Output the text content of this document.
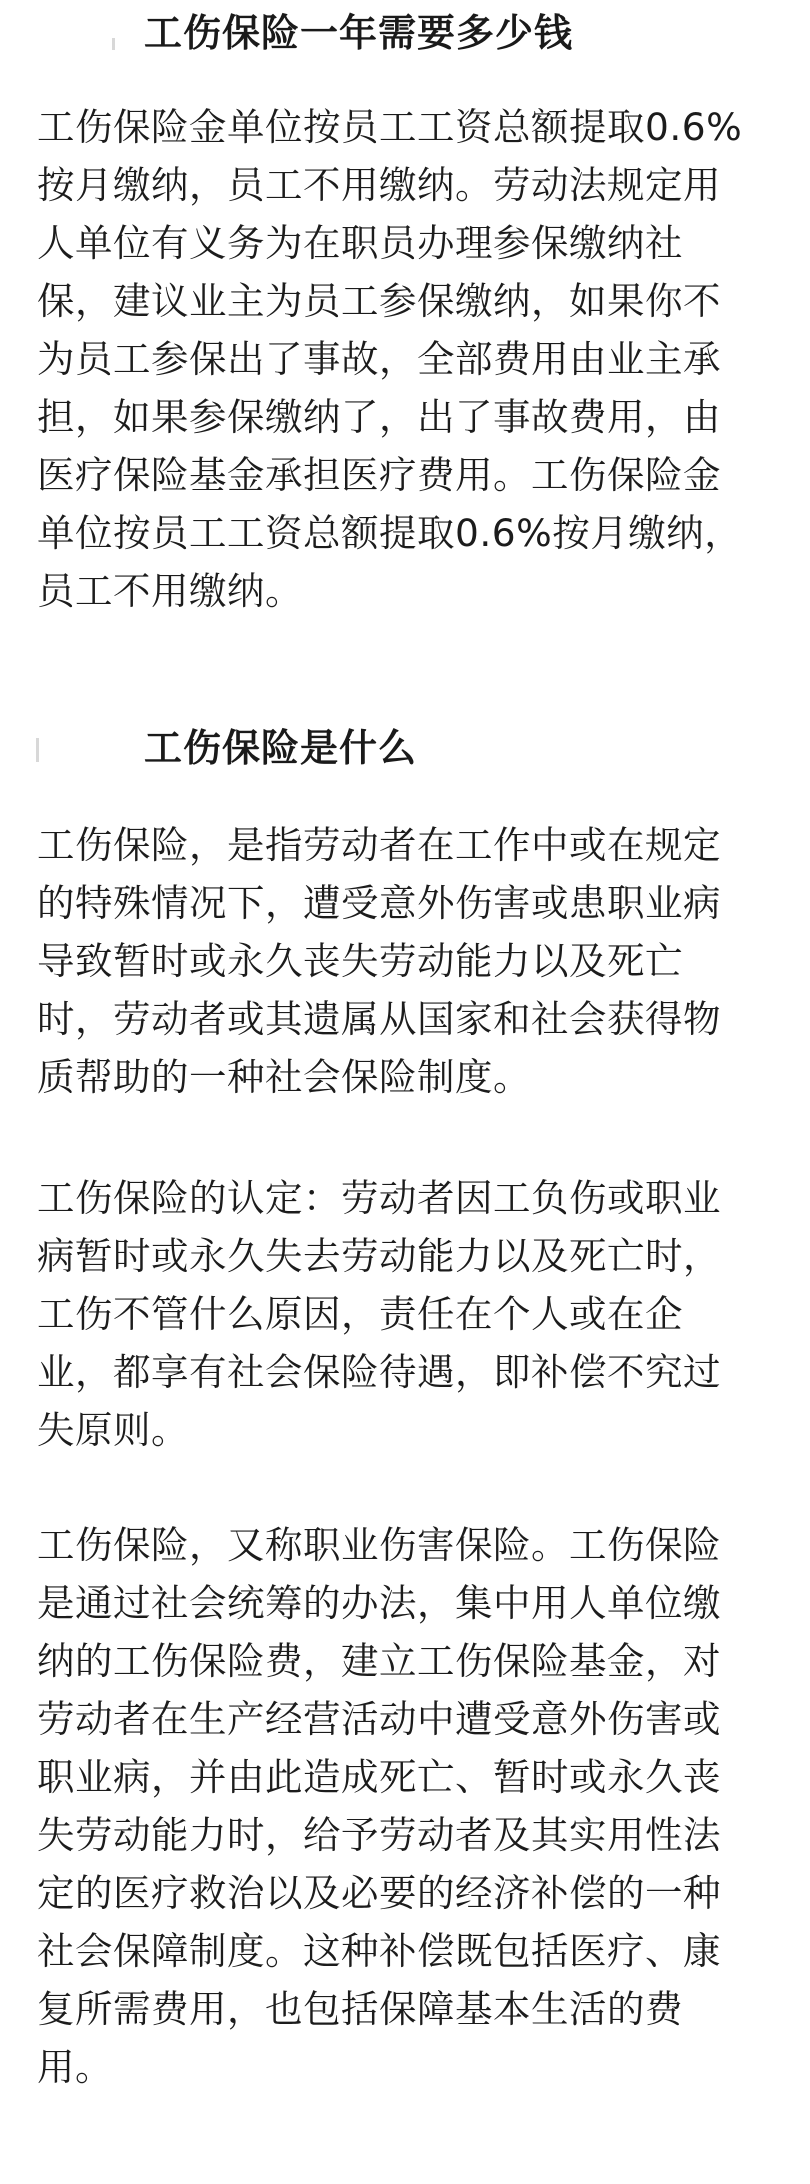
工伤保险一年需要多少钱
工伤保险金单位按员工工资总额提取0.6%
按月缴纳，员工不用缴纳。劳动法规定用
人单位有义务为在职员办理参保缴纳社
保，建议业主为员工参保缴纳，如果你不
为员工参保出了事故，全部费用由业主承
担，如果参保缴纳了，出了事故费用，由
医疗保险基金承担医疗费用。工伤保险金
单位按员工工资总额提取0.6%按月缴纳，
员工不用缴纳。
工伤保险是什么
工伤保险，是指劳动者在工作中或在规定
的特殊情况下，遭受意外伤害或患职业病
导致暂时或永久丧失劳动能力以及死亡
时，劳动者或其遗属从国家和社会获得物
质帮助的一种社会保险制度。
工伤保险的认定：劳动者因工负伤或职业
病暂时或永久失去劳动能力以及死亡时，
工伤不管什么原因，责任在个人或在企
业，都享有社会保险待遇，即补偿不究过
失原则。
工伤保险，又称职业伤害保险。工伤保险
是通过社会统筹的办法，集中用人单位缴
纳的工伤保险费，建立工伤保险基金，对
劳动者在生产经营活动中遭受意外伤害或
职业病，并由此造成死亡、暂时或永久丧
失劳动能力时，给予劳动者及其实用性法
定的医疗救治以及必要的经济补偿的一种
社会保障制度。这种补偿既包括医疗、康
复所需费用，也包括保障基本生活的费
用。
